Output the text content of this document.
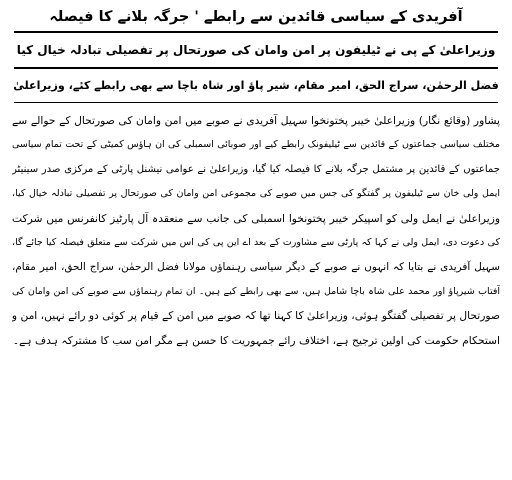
آفریدی کے سیاسی قائدین سے رابطے ' جرگہ بلانے کا فیصلہ
وزیراعلیٰ کے پی نے ٹیلیفون پر امن وامان کی صورتحال پر تفصیلی تبادلہ خیال کیا
فضل الرحمٰن، سراج الحق، امیر مقام، شیر پاؤ اور شاہ باچا سے بھی رابطے کئے، وزیراعلیٰ
پشاور (وقائع نگار) وزیراعلیٰ خیبر پختونخوا سہیل آفریدی نے صوبے میں امن وامان کی صورتحال کے حوالے سے
مختلف سیاسی جماعتوں کے قائدین سے ٹیلیفونک رابطے کیے اور صوبائی اسمبلی کی ان ہاؤس کمیٹی کے تحت تمام سیاسی
جماعتوں کے قائدین پر مشتمل جرگہ بلانے کا فیصلہ کیا گیا، وزیراعلیٰ نے عوامی نیشنل پارٹی کے مرکزی صدر سینیٹر
ایمل ولی خان سے ٹیلیفون پر گفتگو کی جس میں صوبے کی مجموعی امن وامان کی صورتحال پر تفصیلی تبادلہ خیال کیا،
وزیراعلیٰ نے ایمل ولی کو اسپیکر خیبر پختونخوا اسمبلی کی جانب سے منعقدہ آل پارٹیز کانفرنس میں شرکت
کی دعوت دی، ایمل ولی نے کہا کہ پارٹی سے مشاورت کے بعد اے این پی کی اس میں شرکت سے متعلق فیصلہ کیا جائے گا،
سہیل آفریدی نے بتایا کہ انہوں نے صوبے کے دیگر سیاسی رہنماؤں مولانا فضل الرحمٰن، سراج الحق، امیر مقام،
آفتاب شیرپاؤ اور محمد علی شاہ باچا شامل ہیں، سے بھی رابطے کیے ہیں۔ ان تمام رہنماؤں سے صوبے کی امن وامان کی
صورتحال پر تفصیلی گفتگو ہوئی، وزیراعلیٰ کا کہنا تھا کہ صوبے میں امن کے قیام پر کوئی دو رائے نہیں، امن و
استحکام حکومت کی اولین ترجیح ہے، اختلاف رائے جمہوریت کا حسن ہے مگر امن سب کا مشترکہ ہدف ہے۔
